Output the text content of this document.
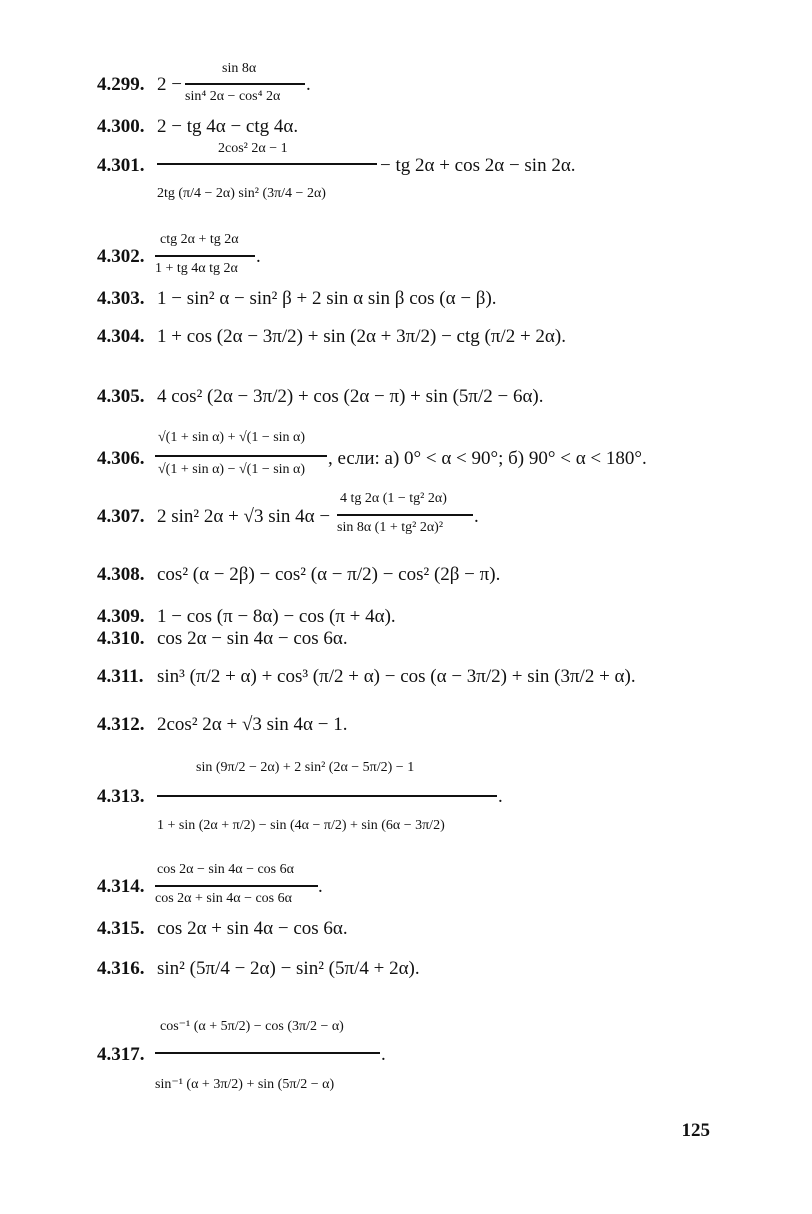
4.299. 2 −
sin 8α
sin⁴ 2α − cos⁴ 2α
.
4.300. 2 − tg 4α − ctg 4α.
4.301.
2cos² 2α − 1
2tg (π/4 − 2α) sin² (3π/4 − 2α)
− tg 2α + cos 2α − sin 2α.
4.302.
ctg 2α + tg 2α
1 + tg 4α tg 2α
.
4.303. 1 − sin² α − sin² β + 2 sin α sin β cos (α − β).
4.304. 1 + cos (2α − 3π/2) + sin (2α + 3π/2) − ctg (π/2 + 2α).
4.305. 4 cos² (2α − 3π/2) + cos (2α − π) + sin (5π/2 − 6α).
4.306.
√(1 + sin α) + √(1 − sin α)
√(1 + sin α) − √(1 − sin α)
, если: а) 0° < α < 90°; б) 90° < α < 180°.
4.307. 2 sin² 2α + √3 sin 4α −
4 tg 2α (1 − tg² 2α)
sin 8α (1 + tg² 2α)²
.
4.308. cos² (α − 2β) − cos² (α − π/2) − cos² (2β − π).
4.309. 1 − cos (π − 8α) − cos (π + 4α).
4.310. cos 2α − sin 4α − cos 6α.
4.311. sin³ (π/2 + α) + cos³ (π/2 + α) − cos (α − 3π/2) + sin (3π/2 + α).
4.312. 2cos² 2α + √3 sin 4α − 1.
4.313.
sin (9π/2 − 2α) + 2 sin² (2α − 5π/2) − 1
1 + sin (2α + π/2) − sin (4α − π/2) + sin (6α − 3π/2)
.
4.314.
cos 2α − sin 4α − cos 6α
cos 2α + sin 4α − cos 6α
.
4.315. cos 2α + sin 4α − cos 6α.
4.316. sin² (5π/4 − 2α) − sin² (5π/4 + 2α).
4.317.
cos⁻¹ (α + 5π/2) − cos (3π/2 − α)
sin⁻¹ (α + 3π/2) + sin (5π/2 − α)
.
125
